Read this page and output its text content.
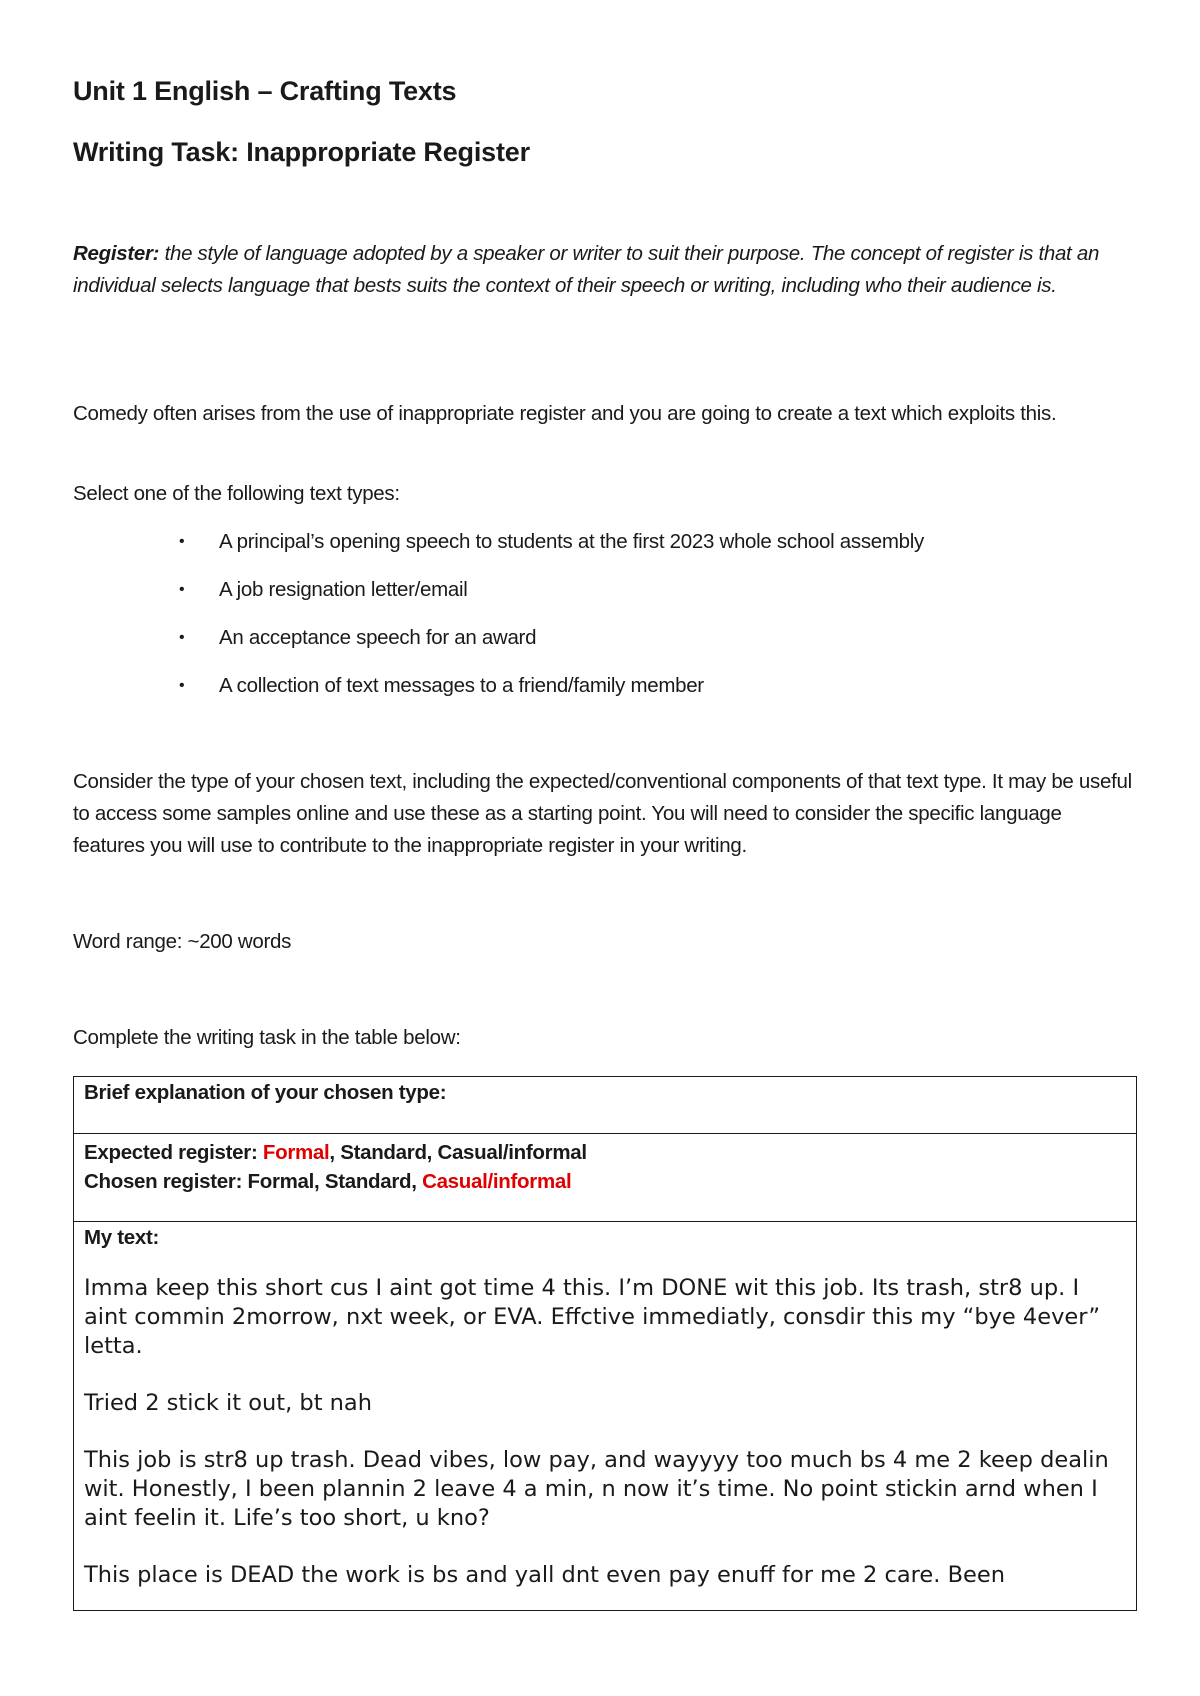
Unit 1 English – Crafting Texts
Writing Task: Inappropriate Register
Register: the style of language adopted by a speaker or writer to suit their purpose. The concept of register is that an individual selects language that bests suits the context of their speech or writing, including who their audience is.
Comedy often arises from the use of inappropriate register and you are going to create a text which exploits this.
Select one of the following text types:
• A principal’s opening speech to students at the first 2023 whole school assembly
• A job resignation letter/email
• An acceptance speech for an award
• A collection of text messages to a friend/family member
Consider the type of your chosen text, including the expected/conventional components of that text type. It may be useful to access some samples online and use these as a starting point. You will need to consider the specific language features you will use to contribute to the inappropriate register in your writing.
Word range: ~200 words
Complete the writing task in the table below:
Brief explanation of your chosen type:

Expected register: Formal, Standard, Casual/informal
Chosen register: Formal, Standard, Casual/informal

My text:

Imma keep this short cus I aint got time 4 this. I’m DONE wit this job. Its trash, str8 up. I aint commin 2morrow, nxt week, or EVA. Effctive immediatly, consdir this my “bye 4ever” letta.

Tried 2 stick it out, bt nah

This job is str8 up trash. Dead vibes, low pay, and wayyyy too much bs 4 me 2 keep dealin wit. Honestly, I been plannin 2 leave 4 a min, n now it’s time. No point stickin arnd when I aint feelin it. Life’s too short, u kno?

This place is DEAD the work is bs and yall dnt even pay enuff for me 2 care. Been
